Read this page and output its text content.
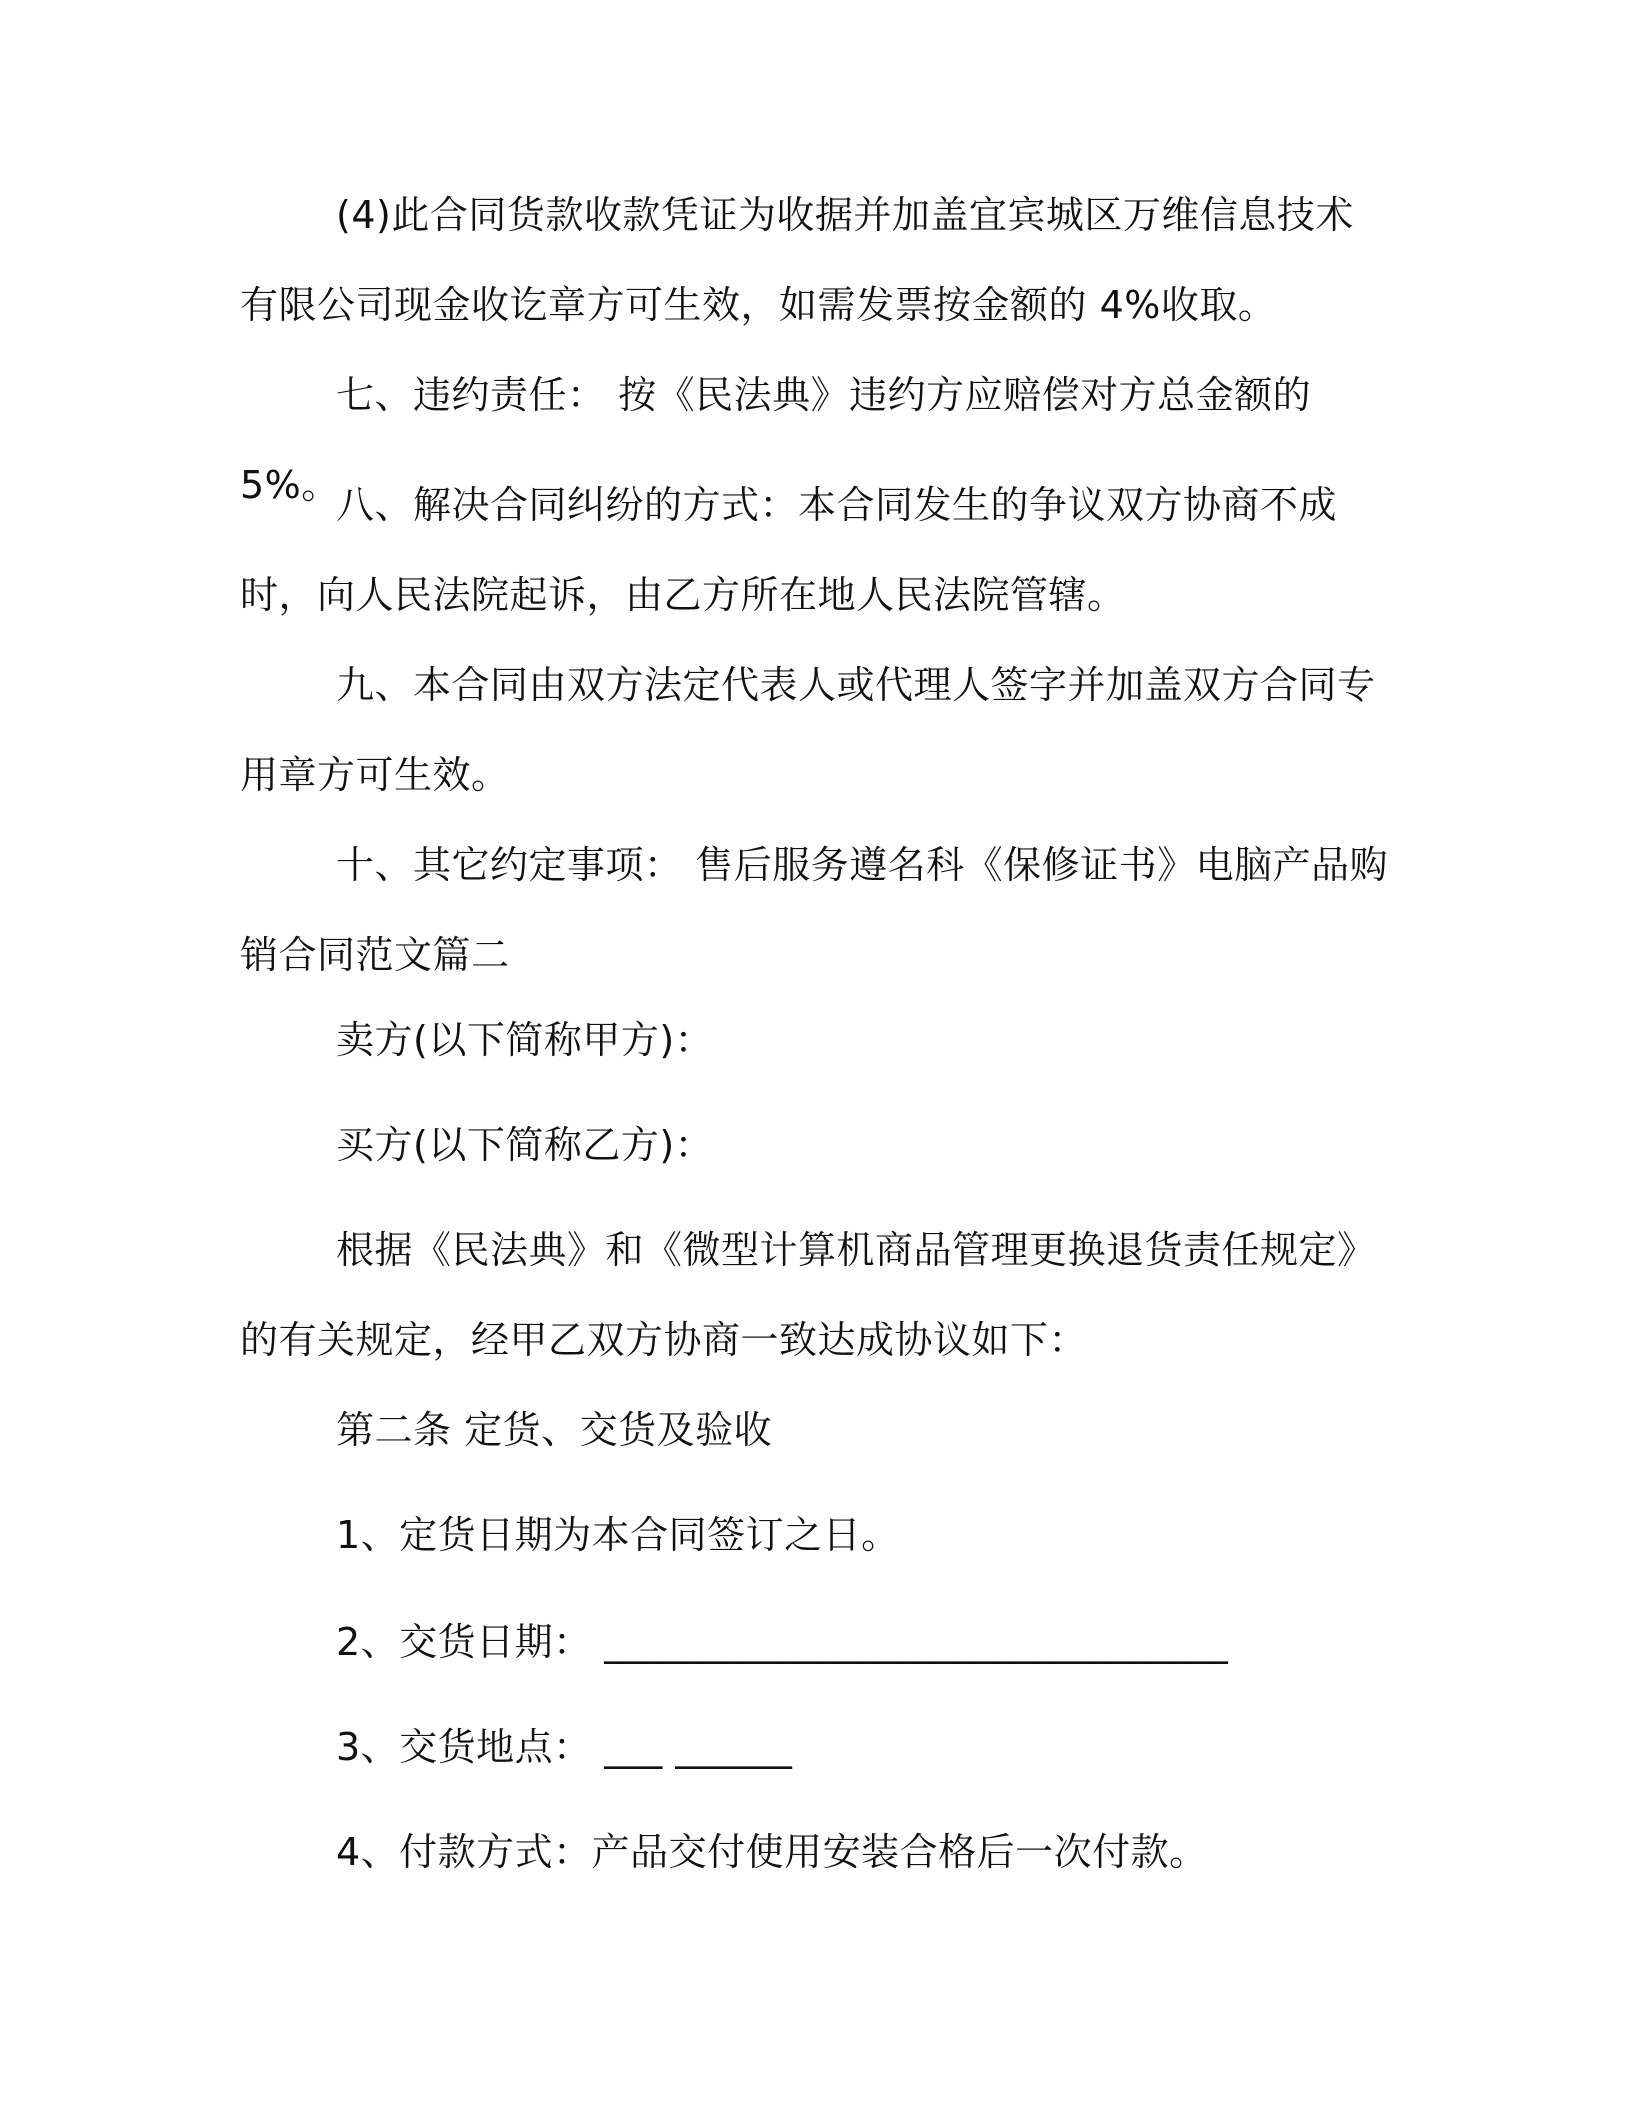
(4)此合同货款收款凭证为收据并加盖宜宾城区万维信息技术有限公司现金收讫章方可生效，如需发票按金额的 4%收取。

七、违约责任： 按《民法典》违约方应赔偿对方总金额的 5%。

八、解决合同纠纷的方式：本合同发生的争议双方协商不成时，向人民法院起诉，由乙方所在地人民法院管辖。

九、本合同由双方法定代表人或代理人签字并加盖双方合同专用章方可生效。

十、其它约定事项： 售后服务遵名科《保修证书》电脑产品购销合同范文篇二

卖方(以下简称甲方)：

买方(以下简称乙方)：

根据《民法典》和《微型计算机商品管理更换退货责任规定》的有关规定，经甲乙双方协商一致达成协议如下：

第二条 定货、交货及验收

1、定货日期为本合同签订之日。

2、交货日期： ________________________________

3、交货地点： ___ ______

4、付款方式：产品交付使用安装合格后一次付款。
